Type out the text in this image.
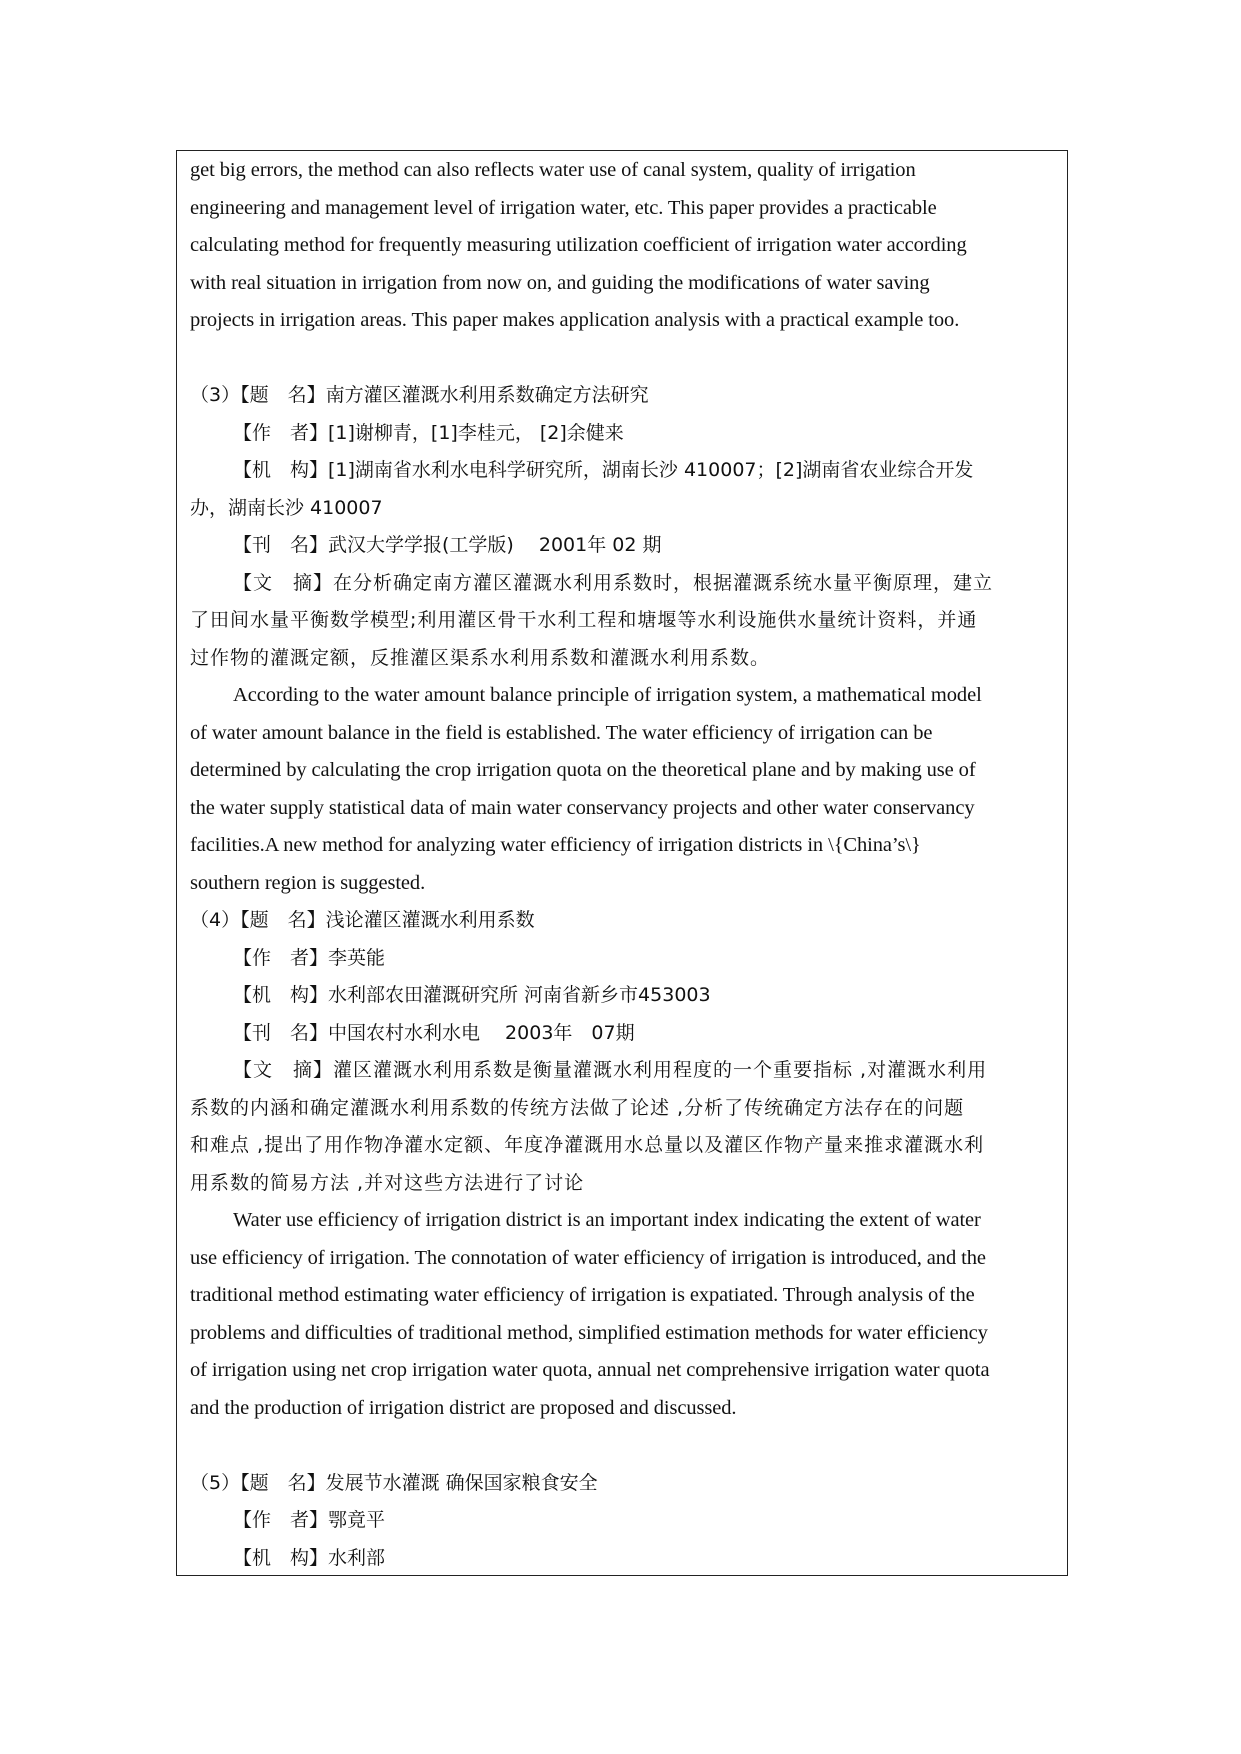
get big errors, the method can also reflects water use of canal system, quality of irrigation
engineering and management level of irrigation water, etc. This paper provides a practicable
calculating method for frequently measuring utilization coefficient of irrigation water according
with real situation in irrigation from now on, and guiding the modifications of water saving
projects in irrigation areas. This paper makes application analysis with a practical example too.
（3）【题　名】南方灌区灌溉水利用系数确定方法研究
【作　者】[1]谢柳青，[1]李桂元， [2]余健来
【机　构】[1]湖南省水利水电科学研究所，湖南长沙 410007；[2]湖南省农业综合开发
办，湖南长沙 410007
【刊　名】武汉大学学报(工学版)　 2001年 02 期
【文　摘】在分析确定南方灌区灌溉水利用系数时，根据灌溉系统水量平衡原理，建立
了田间水量平衡数学模型;利用灌区骨干水利工程和塘堰等水利设施供水量统计资料，并通
过作物的灌溉定额，反推灌区渠系水利用系数和灌溉水利用系数。
According to the water amount balance principle of irrigation system, a mathematical model
of water amount balance in the field is established. The water efficiency of irrigation can be
determined by calculating the crop irrigation quota on the theoretical plane and by making use of
the water supply statistical data of main water conservancy projects and other water conservancy
facilities.A new method for analyzing water efficiency of irrigation districts in \{China’s\}
southern region is suggested.
（4）【题　名】浅论灌区灌溉水利用系数
【作　者】李英能
【机　构】水利部农田灌溉研究所 河南省新乡市453003
【刊　名】中国农村水利水电　 2003年　07期
【文　摘】灌区灌溉水利用系数是衡量灌溉水利用程度的一个重要指标 ,对灌溉水利用
系数的内涵和确定灌溉水利用系数的传统方法做了论述 ,分析了传统确定方法存在的问题
和难点 ,提出了用作物净灌水定额、年度净灌溉用水总量以及灌区作物产量来推求灌溉水利
用系数的简易方法 ,并对这些方法进行了讨论
Water use efficiency of irrigation district is an important index indicating the extent of water
use efficiency of irrigation. The connotation of water efficiency of irrigation is introduced, and the
traditional method estimating water efficiency of irrigation is expatiated. Through analysis of the
problems and difficulties of traditional method, simplified estimation methods for water efficiency
of irrigation using net crop irrigation water quota, annual net comprehensive irrigation water quota
and the production of irrigation district are proposed and discussed.
（5）【题　名】发展节水灌溉 确保国家粮食安全
【作　者】鄂竟平
【机　构】水利部
